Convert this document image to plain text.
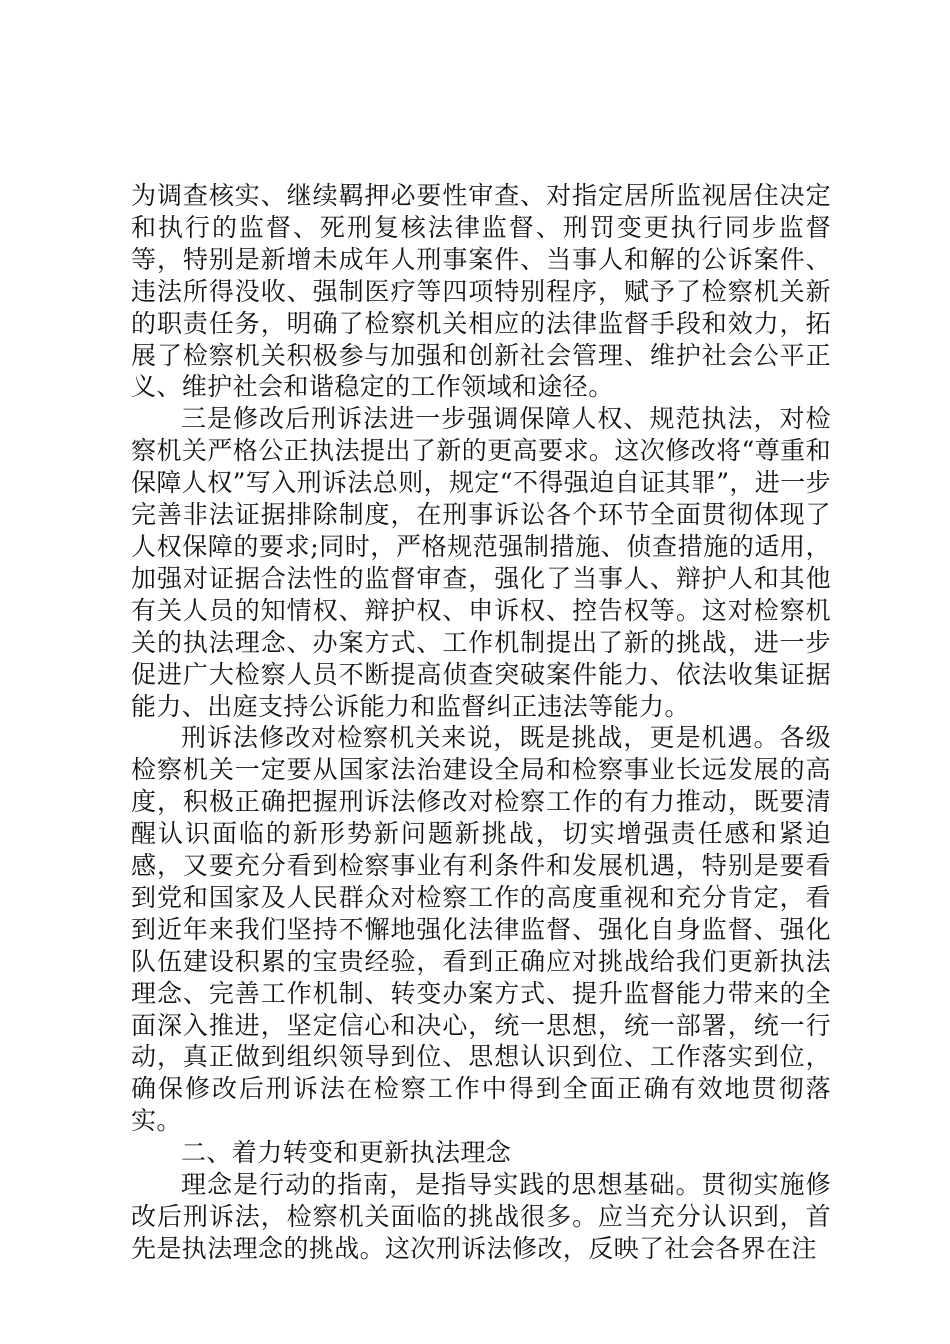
为调查核实、继续羁押必要性审查、对指定居所监视居住决定和执行的监督、死刑复核法律监督、刑罚变更执行同步监督等，特别是新增未成年人刑事案件、当事人和解的公诉案件、违法所得没收、强制医疗等四项特别程序，赋予了检察机关新的职责任务，明确了检察机关相应的法律监督手段和效力，拓展了检察机关积极参与加强和创新社会管理、维护社会公平正义、维护社会和谐稳定的工作领域和途径。

三是修改后刑诉法进一步强调保障人权、规范执法，对检察机关严格公正执法提出了新的更高要求。这次修改将“尊重和保障人权”写入刑诉法总则，规定“不得强迫自证其罪”，进一步完善非法证据排除制度，在刑事诉讼各个环节全面贯彻体现了人权保障的要求;同时，严格规范强制措施、侦查措施的适用，加强对证据合法性的监督审查，强化了当事人、辩护人和其他有关人员的知情权、辩护权、申诉权、控告权等。这对检察机关的执法理念、办案方式、工作机制提出了新的挑战，进一步促进广大检察人员不断提高侦查突破案件能力、依法收集证据能力、出庭支持公诉能力和监督纠正违法等能力。

刑诉法修改对检察机关来说，既是挑战，更是机遇。各级检察机关一定要从国家法治建设全局和检察事业长远发展的高度，积极正确把握刑诉法修改对检察工作的有力推动，既要清醒认识面临的新形势新问题新挑战，切实增强责任感和紧迫感，又要充分看到检察事业有利条件和发展机遇，特别是要看到党和国家及人民群众对检察工作的高度重视和充分肯定，看到近年来我们坚持不懈地强化法律监督、强化自身监督、强化队伍建设积累的宝贵经验，看到正确应对挑战给我们更新执法理念、完善工作机制、转变办案方式、提升监督能力带来的全面深入推进，坚定信心和决心，统一思想，统一部署，统一行动，真正做到组织领导到位、思想认识到位、工作落实到位，确保修改后刑诉法在检察工作中得到全面正确有效地贯彻落实。

二、着力转变和更新执法理念

理念是行动的指南，是指导实践的思想基础。贯彻实施修改后刑诉法，检察机关面临的挑战很多。应当充分认识到，首先是执法理念的挑战。这次刑诉法修改，反映了社会各界在注
